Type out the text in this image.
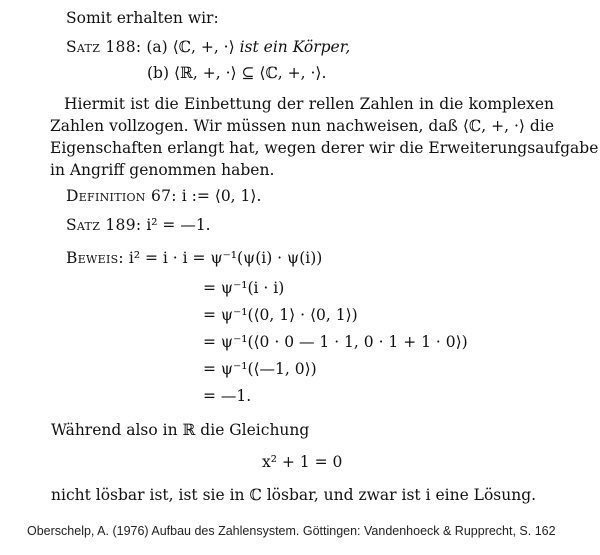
Somit erhalten wir:
Satz 188: (a) ⟨ℂ, +, ·⟩ ist ein Körper,
(b) ⟨ℝ, +, ·⟩ ⊆ ⟨ℂ, +, ·⟩.
Hiermit ist die Einbettung der rellen Zahlen in die komplexen
Zahlen vollzogen. Wir müssen nun nachweisen, daß ⟨ℂ, +, ·⟩ die
Eigenschaften erlangt hat, wegen derer wir die Erweiterungsaufgabe
in Angriff genommen haben.
Definition 67: i := ⟨0, 1⟩.
Satz 189: i² = —1.
Beweis: i² = i · i = ψ⁻¹(ψ(i) · ψ(i))
= ψ⁻¹(i · i)
= ψ⁻¹(⟨0, 1⟩ · ⟨0, 1⟩)
= ψ⁻¹(⟨0 · 0 — 1 · 1, 0 · 1 + 1 · 0⟩)
= ψ⁻¹(⟨—1, 0⟩)
= —1.
Während also in ℝ die Gleichung
x² + 1 = 0
nicht lösbar ist, ist sie in ℂ lösbar, und zwar ist i eine Lösung.
Oberschelp, A. (1976) Aufbau des Zahlensystem. Göttingen: Vandenhoeck & Rupprecht, S. 162
